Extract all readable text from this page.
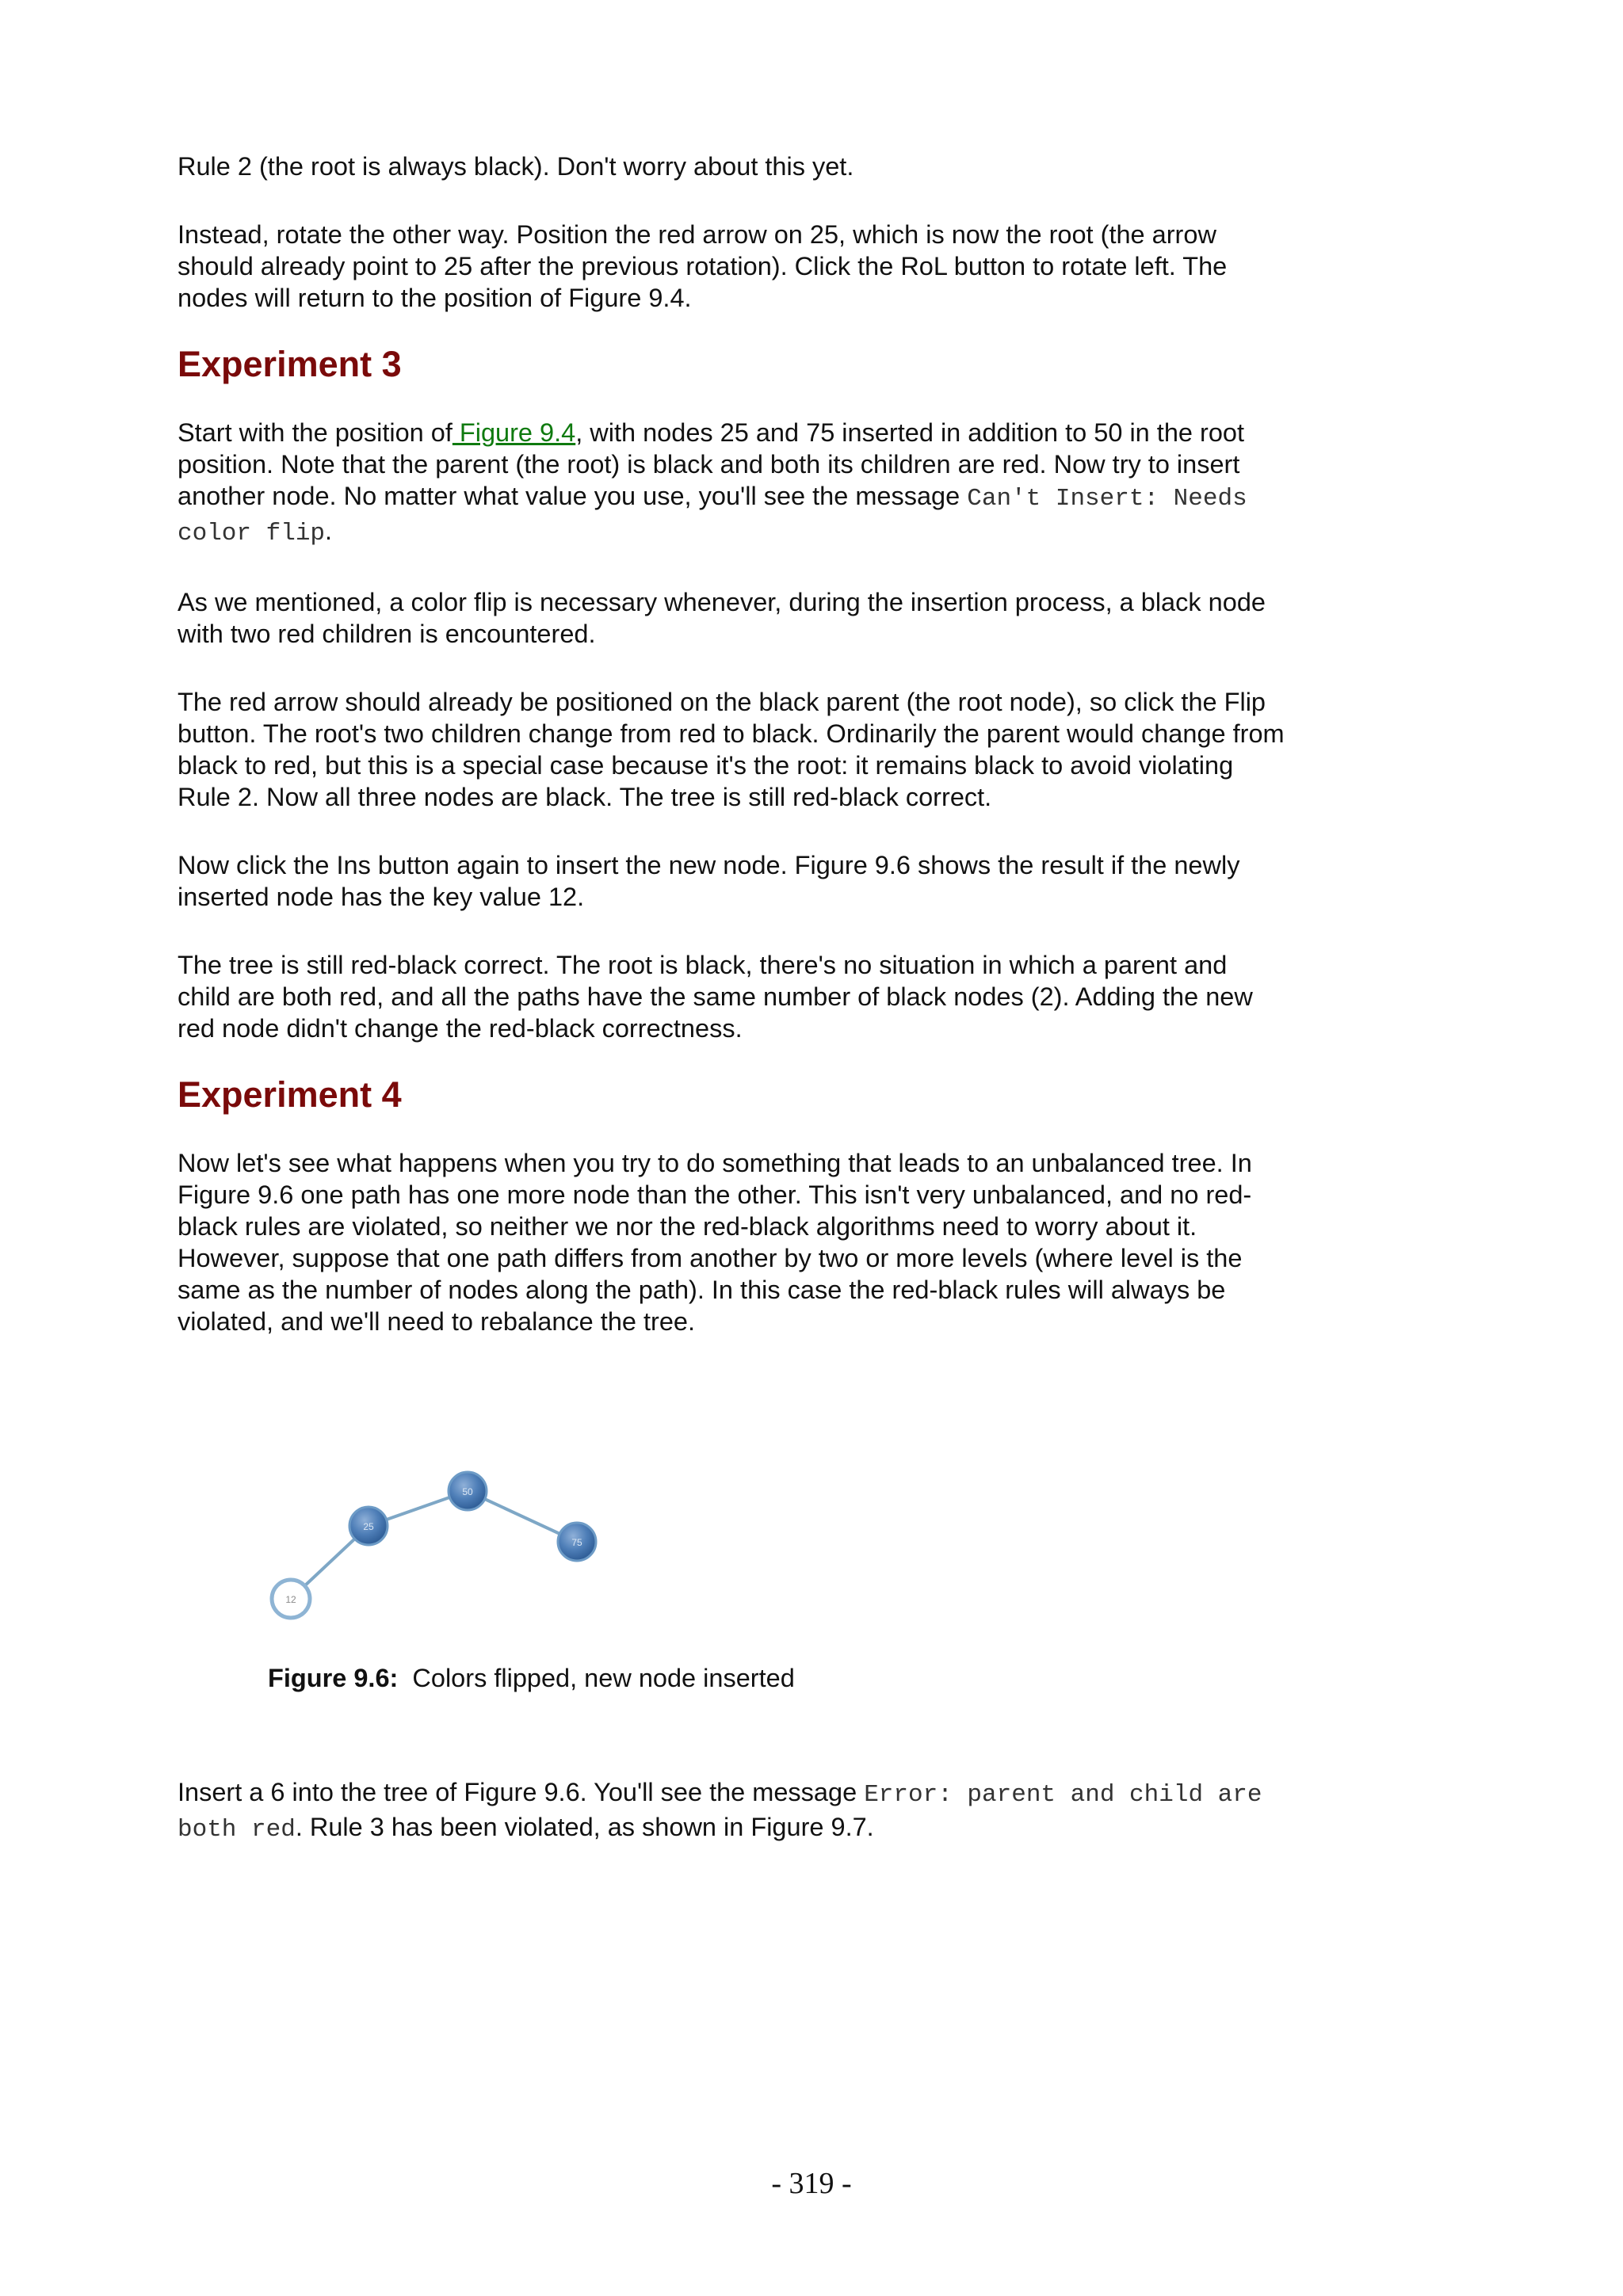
Rule 2 (the root is always black). Don't worry about this yet.

Instead, rotate the other way. Position the red arrow on 25, which is now the root (the arrow should already point to 25 after the previous rotation). Click the RoL button to rotate left. The nodes will return to the position of Figure 9.4.

Experiment 3

Start with the position of Figure 9.4, with nodes 25 and 75 inserted in addition to 50 in the root position. Note that the parent (the root) is black and both its children are red. Now try to insert another node. No matter what value you use, you'll see the message Can't Insert: Needs color flip.

As we mentioned, a color flip is necessary whenever, during the insertion process, a black node with two red children is encountered.

The red arrow should already be positioned on the black parent (the root node), so click the Flip button. The root's two children change from red to black. Ordinarily the parent would change from black to red, but this is a special case because it's the root: it remains black to avoid violating Rule 2. Now all three nodes are black. The tree is still red-black correct.

Now click the Ins button again to insert the new node. Figure 9.6 shows the result if the newly inserted node has the key value 12.

The tree is still red-black correct. The root is black, there's no situation in which a parent and child are both red, and all the paths have the same number of black nodes (2). Adding the new red node didn't change the red-black correctness.

Experiment 4

Now let's see what happens when you try to do something that leads to an unbalanced tree. In Figure 9.6 one path has one more node than the other. This isn't very unbalanced, and no red-black rules are violated, so neither we nor the red-black algorithms need to worry about it. However, suppose that one path differs from another by two or more levels (where level is the same as the number of nodes along the path). In this case the red-black rules will always be violated, and we'll need to rebalance the tree.

50
25
75
12

Figure 9.6: Colors flipped, new node inserted

Insert a 6 into the tree of Figure 9.6. You'll see the message Error: parent and child are both red. Rule 3 has been violated, as shown in Figure 9.7.

- 319 -
